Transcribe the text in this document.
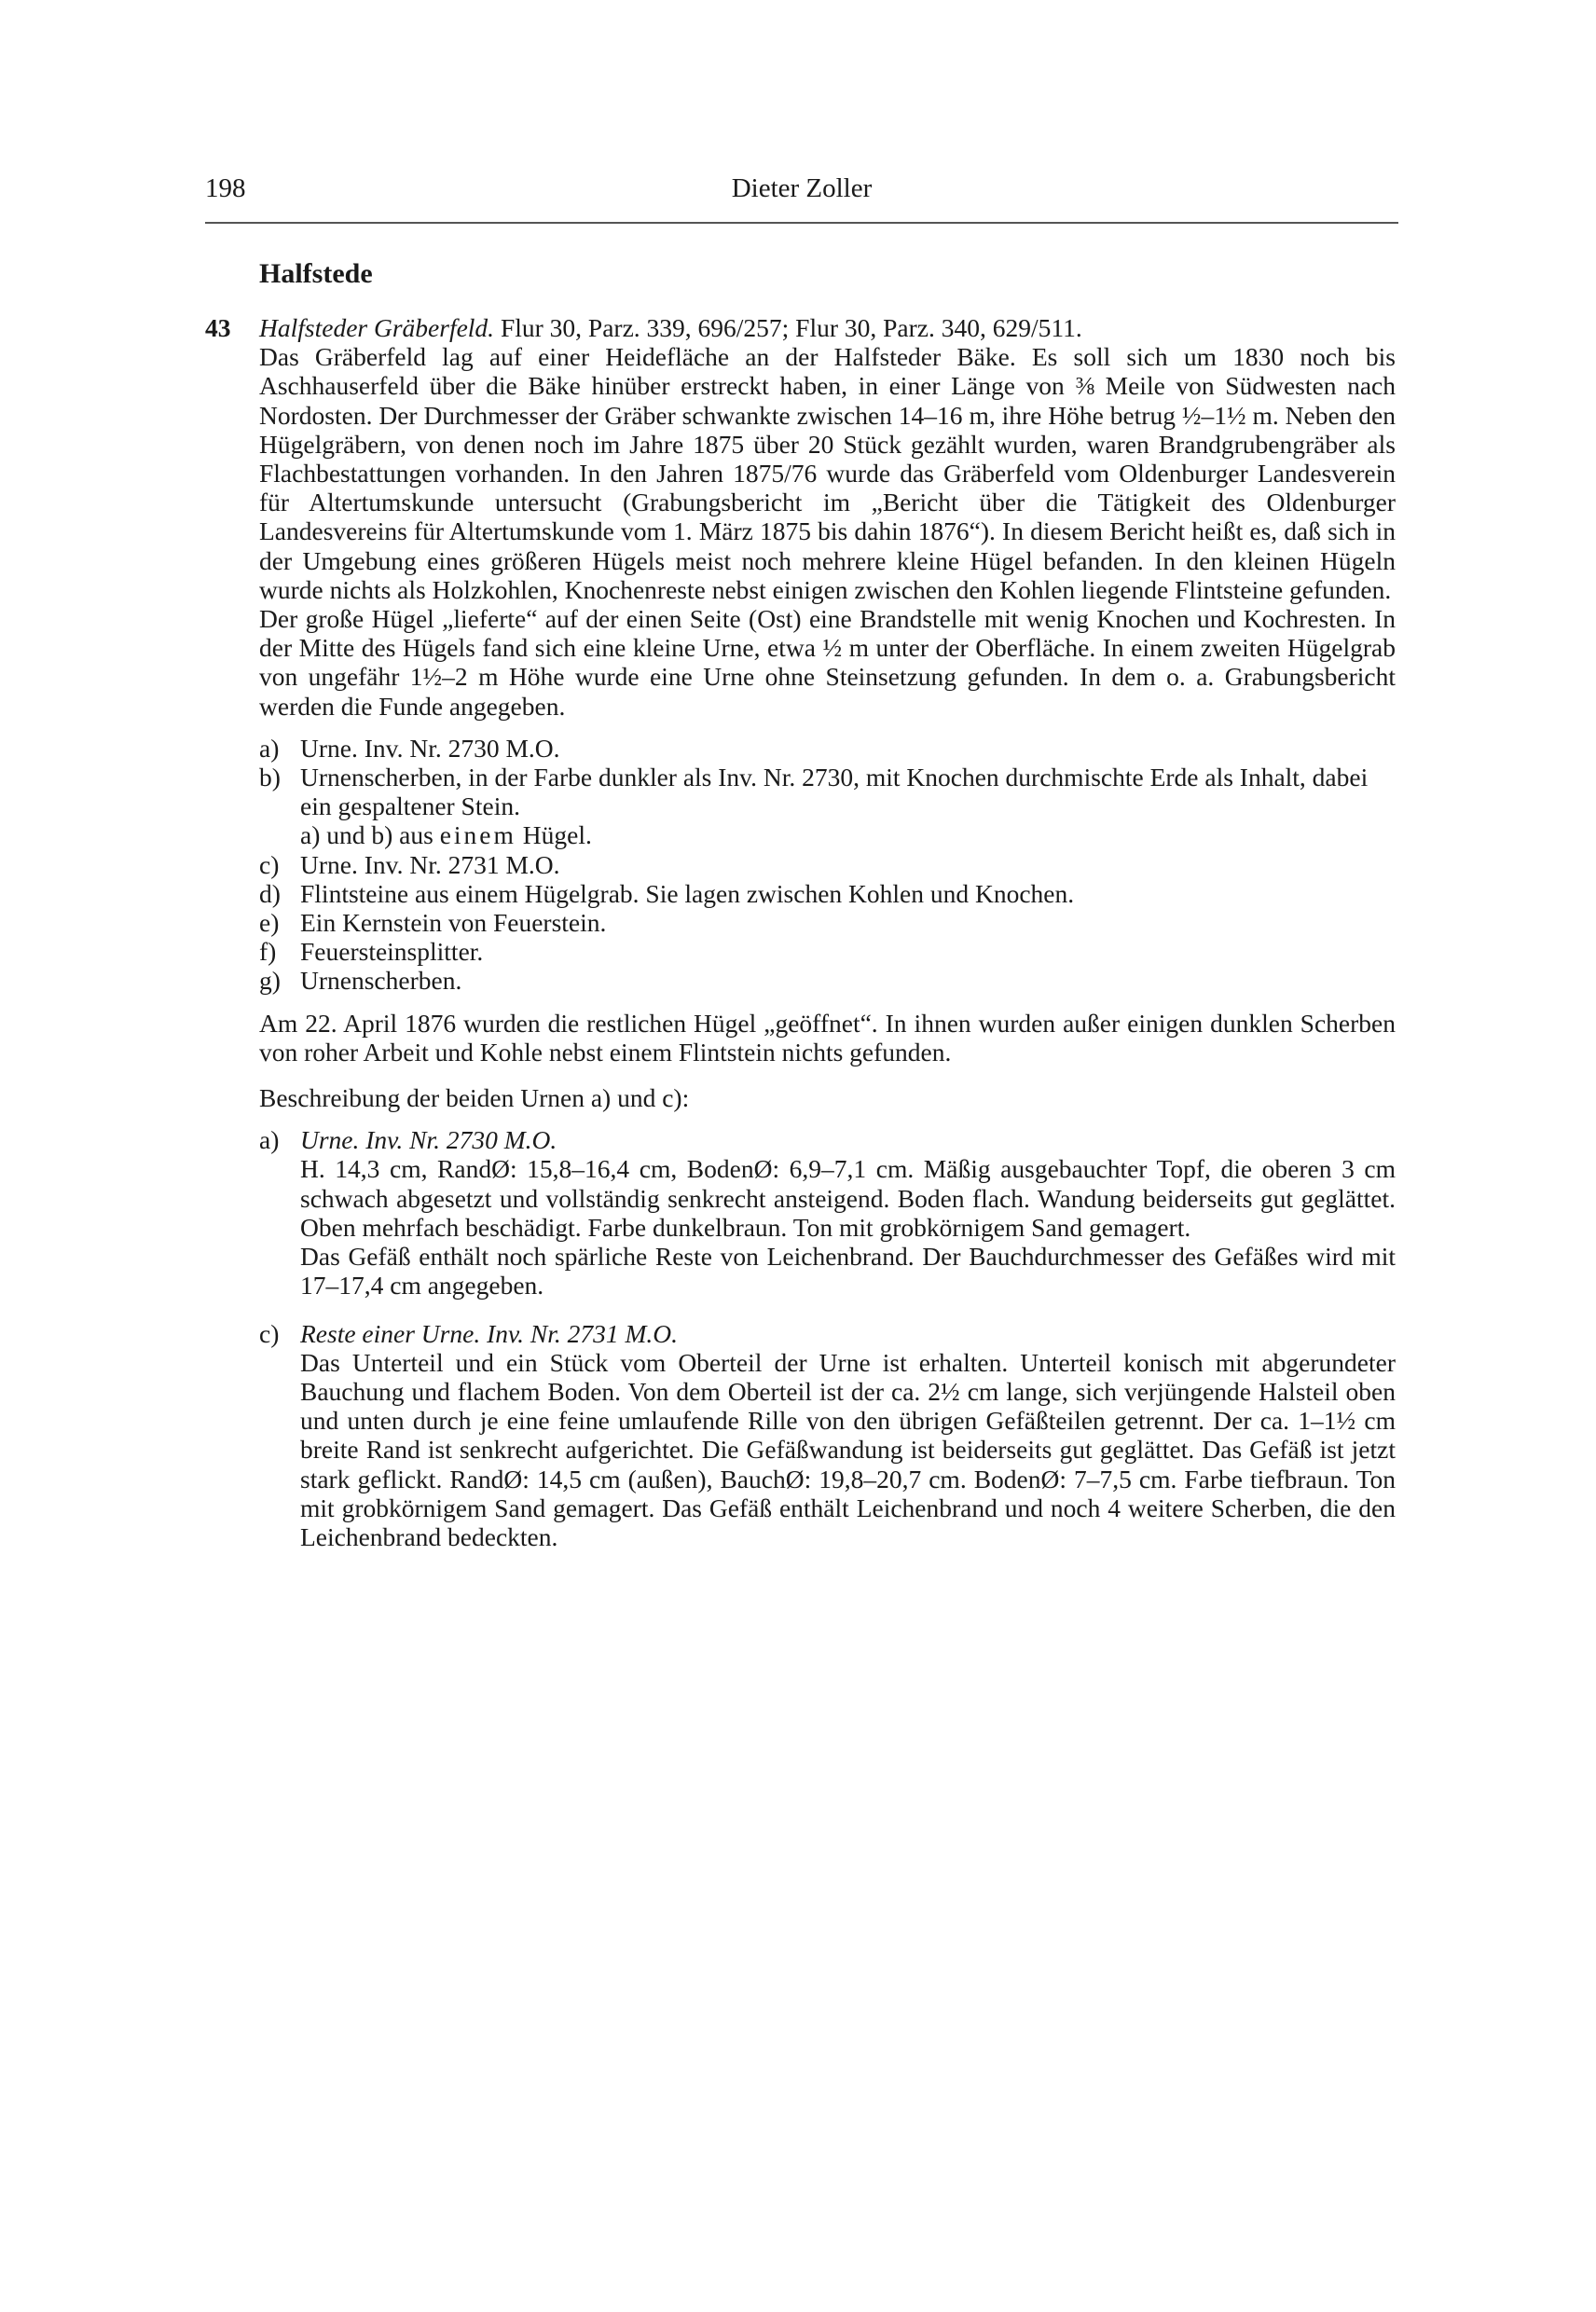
198	Dieter Zoller
Halfstede
43 Halfsteder Gräberfeld. Flur 30, Parz. 339, 696/257; Flur 30, Parz. 340, 629/511.

Das Gräberfeld lag auf einer Heidefläche an der Halfsteder Bäke. Es soll sich um 1830 noch bis Aschhauserfeld über die Bäke hinüber erstreckt haben, in einer Länge von ⅜ Meile von Südwesten nach Nordosten. Der Durchmesser der Gräber schwankte zwischen 14–16 m, ihre Höhe betrug ½–1½ m. Neben den Hügelgräbern, von denen noch im Jahre 1875 über 20 Stück gezählt wurden, waren Brandgrubengräber als Flachbestattungen vorhanden. In den Jahren 1875/76 wurde das Gräberfeld vom Oldenburger Landesverein für Altertumskunde untersucht (Grabungsbericht im „Bericht über die Tätigkeit des Oldenburger Landesvereins für Altertumskunde vom 1. März 1875 bis dahin 1876“). In diesem Bericht heißt es, daß sich in der Umgebung eines größeren Hügels meist noch mehrere kleine Hügel befanden. In den kleinen Hügeln wurde nichts als Holzkohlen, Knochenreste nebst einigen zwischen den Kohlen liegende Flintsteine gefunden.

Der große Hügel „lieferte“ auf der einen Seite (Ost) eine Brandstelle mit wenig Knochen und Kochresten. In der Mitte des Hügels fand sich eine kleine Urne, etwa ½ m unter der Oberfläche. In einem zweiten Hügelgrab von ungefähr 1½–2 m Höhe wurde eine Urne ohne Steinsetzung gefunden. In dem o. a. Grabungsbericht werden die Funde angegeben.

a) Urne. Inv. Nr. 2730 M.O.
b) Urnenscherben, in der Farbe dunkler als Inv. Nr. 2730, mit Knochen durchmischte Erde als Inhalt, dabei ein gespaltener Stein.
a) und b) aus einem Hügel.
c) Urne. Inv. Nr. 2731 M.O.
d) Flintsteine aus einem Hügelgrab. Sie lagen zwischen Kohlen und Knochen.
e) Ein Kernstein von Feuerstein.
f) Feuersteinsplitter.
g) Urnenscherben.

Am 22. April 1876 wurden die restlichen Hügel „geöffnet“. In ihnen wurden außer einigen dunklen Scherben von roher Arbeit und Kohle nebst einem Flintstein nichts gefunden.

Beschreibung der beiden Urnen a) und c):

a) Urne. Inv. Nr. 2730 M.O.

H. 14,3 cm, RandØ: 15,8–16,4 cm, BodenØ: 6,9–7,1 cm. Mäßig ausgebauchter Topf, die oberen 3 cm schwach abgesetzt und vollständig senkrecht ansteigend. Boden flach. Wandung beiderseits gut geglättet. Oben mehrfach beschädigt. Farbe dunkelbraun. Ton mit grobkörnigem Sand gemagert.

Das Gefäß enthält noch spärliche Reste von Leichenbrand. Der Bauchdurchmesser des Gefäßes wird mit 17–17,4 cm angegeben.

c) Reste einer Urne. Inv. Nr. 2731 M.O.

Das Unterteil und ein Stück vom Oberteil der Urne ist erhalten. Unterteil konisch mit abgerundeter Bauchung und flachem Boden. Von dem Oberteil ist der ca. 2½ cm lange, sich verjüngende Halsteil oben und unten durch je eine feine umlaufende Rille von den übrigen Gefäßteilen getrennt. Der ca. 1–1½ cm breite Rand ist senkrecht aufgerichtet. Die Gefäßwandung ist beiderseits gut geglättet. Das Gefäß ist jetzt stark geflickt. RandØ: 14,5 cm (außen), BauchØ: 19,8–20,7 cm. BodenØ: 7–7,5 cm. Farbe tiefbraun. Ton mit grobkörnigem Sand gemagert. Das Gefäß enthält Leichenbrand und noch 4 weitere Scherben, die den Leichenbrand bedeckten.
